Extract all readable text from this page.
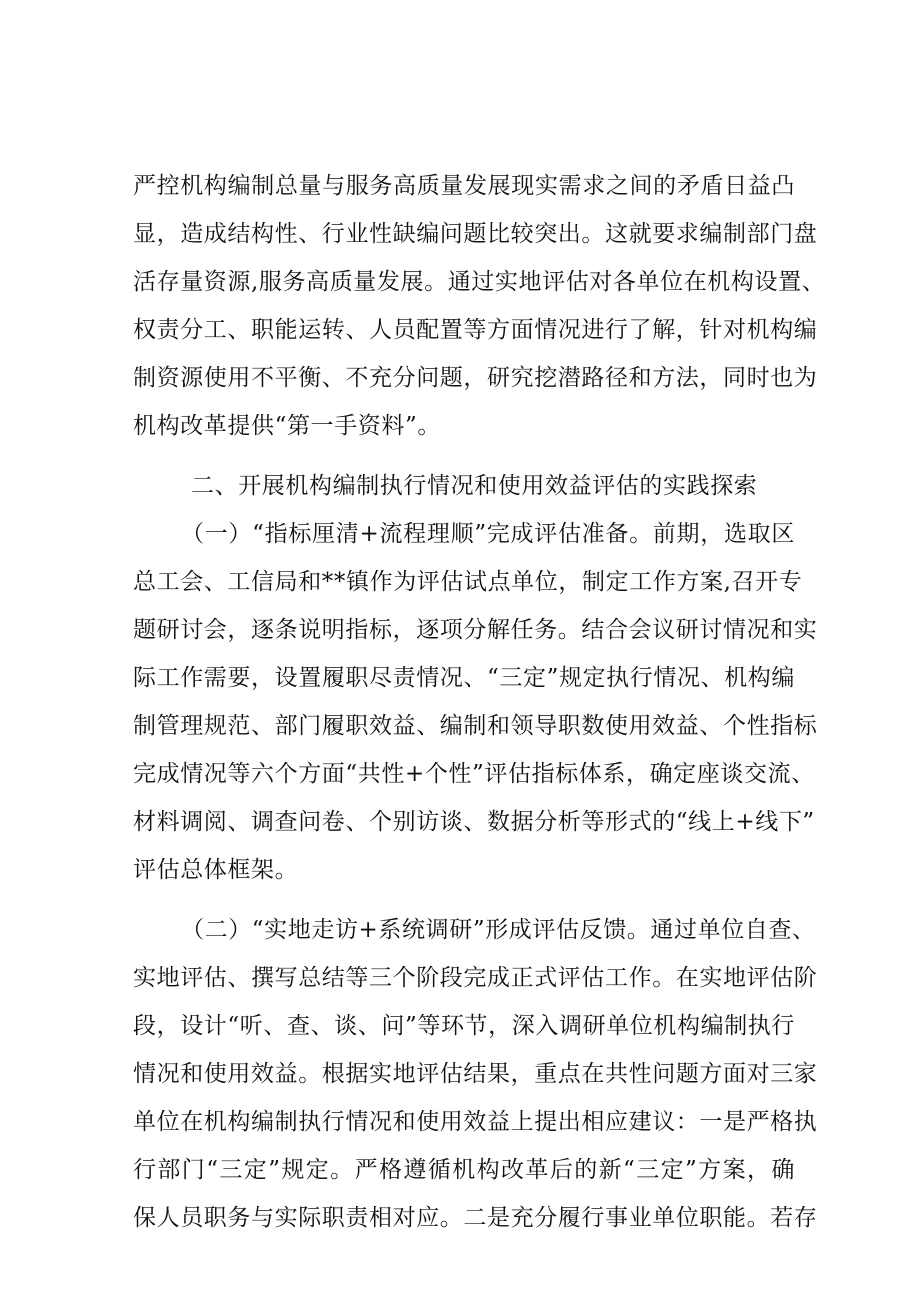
严控机构编制总量与服务高质量发展现实需求之间的矛盾日益凸
显，造成结构性、行业性缺编问题比较突出。这就要求编制部门盘
活存量资源,服务高质量发展。通过实地评估对各单位在机构设置、
权责分工、职能运转、人员配置等方面情况进行了解，针对机构编
制资源使用不平衡、不充分问题，研究挖潜路径和方法，同时也为
机构改革提供“第一手资料”。
二、开展机构编制执行情况和使用效益评估的实践探索
（一）“指标厘清+流程理顺”完成评估准备。前期，选取区
总工会、工信局和**镇作为评估试点单位，制定工作方案,召开专
题研讨会，逐条说明指标，逐项分解任务。结合会议研讨情况和实
际工作需要，设置履职尽责情况、“三定”规定执行情况、机构编
制管理规范、部门履职效益、编制和领导职数使用效益、个性指标
完成情况等六个方面“共性+个性”评估指标体系，确定座谈交流、
材料调阅、调查问卷、个别访谈、数据分析等形式的“线上+线下”
评估总体框架。
（二）“实地走访+系统调研”形成评估反馈。通过单位自查、
实地评估、撰写总结等三个阶段完成正式评估工作。在实地评估阶
段，设计“听、查、谈、问”等环节，深入调研单位机构编制执行
情况和使用效益。根据实地评估结果，重点在共性问题方面对三家
单位在机构编制执行情况和使用效益上提出相应建议：一是严格执
行部门“三定”规定。严格遵循机构改革后的新“三定”方案，确
保人员职务与实际职责相对应。二是充分履行事业单位职能。若存
